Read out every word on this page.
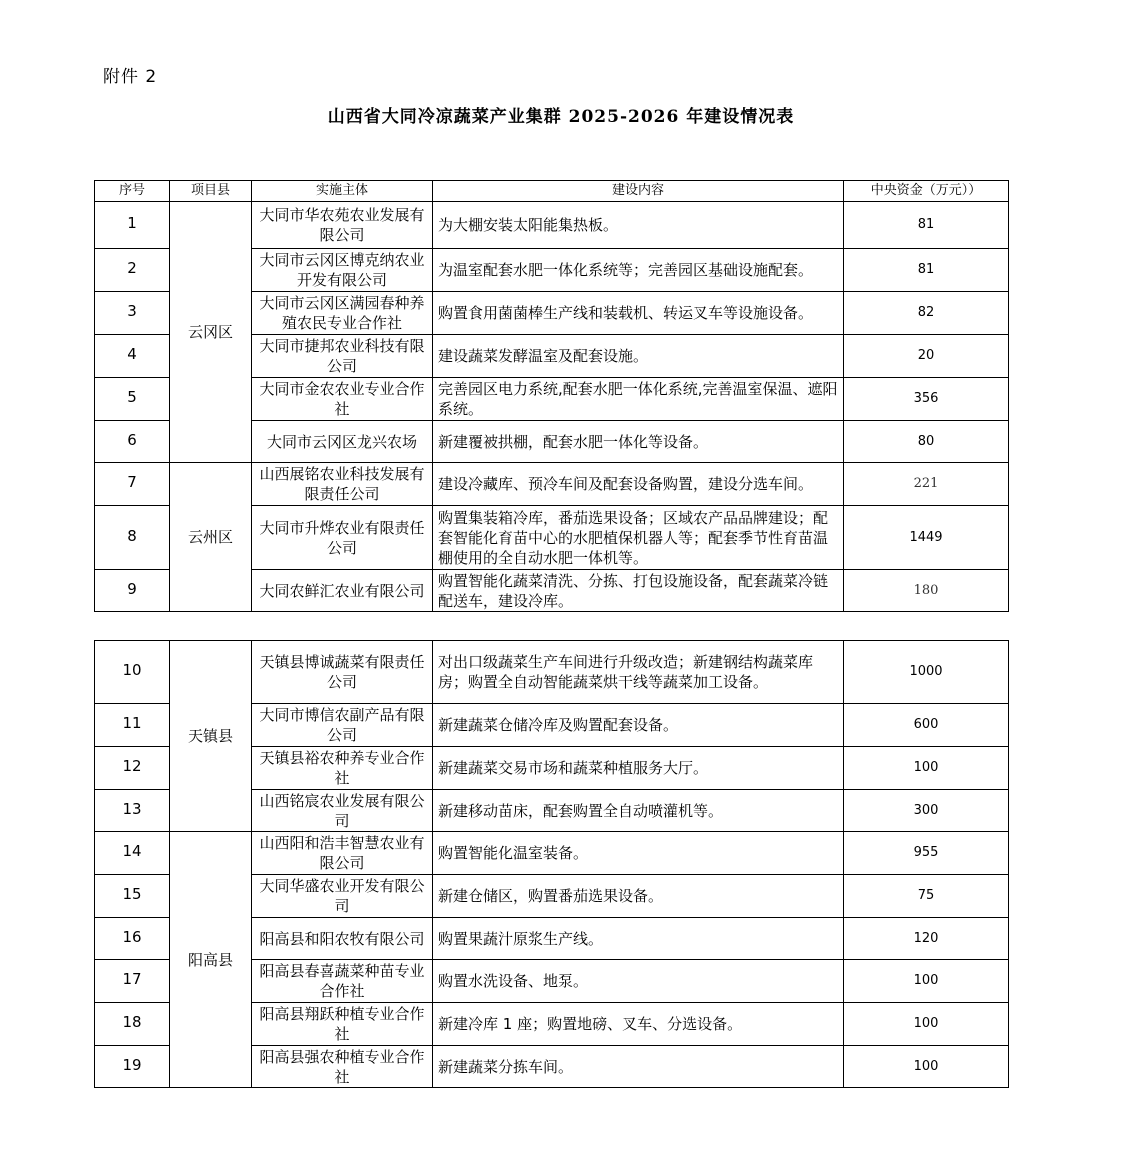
附件 2
山西省大同冷凉蔬菜产业集群 2025-2026 年建设情况表
序号	项目县	实施主体	建设内容	中央资金（万元））
1	云冈区	大同市华农苑农业发展有限公司	为大棚安装太阳能集热板。	81
2		大同市云冈区博克纳农业开发有限公司	为温室配套水肥一体化系统等；完善园区基础设施配套。	81
3		大同市云冈区满园春种养殖农民专业合作社	购置食用菌菌棒生产线和装载机、转运叉车等设施设备。	82
4		大同市捷邦农业科技有限公司	建设蔬菜发酵温室及配套设施。	20
5		大同市金农农业专业合作社	完善园区电力系统,配套水肥一体化系统,完善温室保温、遮阳系统。	356
6		大同市云冈区龙兴农场	新建覆被拱棚，配套水肥一体化等设备。	80
7	云州区	山西展铭农业科技发展有限责任公司	建设冷藏库、预冷车间及配套设备购置，建设分选车间。	221
8		大同市升烨农业有限责任公司	购置集装箱冷库，番茄选果设备；区域农产品品牌建设；配套智能化育苗中心的水肥植保机器人等；配套季节性育苗温棚使用的全自动水肥一体机等。	1449
9		大同农鲜汇农业有限公司	购置智能化蔬菜清洗、分拣、打包设施设备，配套蔬菜冷链配送车，建设冷库。	180
10	天镇县	天镇县博诚蔬菜有限责任公司	对出口级蔬菜生产车间进行升级改造；新建钢结构蔬菜库房；购置全自动智能蔬菜烘干线等蔬菜加工设备。	1000
11		大同市博信农副产品有限公司	新建蔬菜仓储冷库及购置配套设备。	600
12		天镇县裕农种养专业合作社	新建蔬菜交易市场和蔬菜种植服务大厅。	100
13		山西铭宸农业发展有限公司	新建移动苗床，配套购置全自动喷灌机等。	300
14	阳高县	山西阳和浩丰智慧农业有限公司	购置智能化温室装备。	955
15		大同华盛农业开发有限公司	新建仓储区，购置番茄选果设备。	75
16		阳高县和阳农牧有限公司	购置果蔬汁原浆生产线。	120
17		阳高县春喜蔬菜种苗专业合作社	购置水洗设备、地泵。	100
18		阳高县翔跃种植专业合作社	新建冷库 1 座；购置地磅、叉车、分选设备。	100
19		阳高县强农种植专业合作社	新建蔬菜分拣车间。	100
